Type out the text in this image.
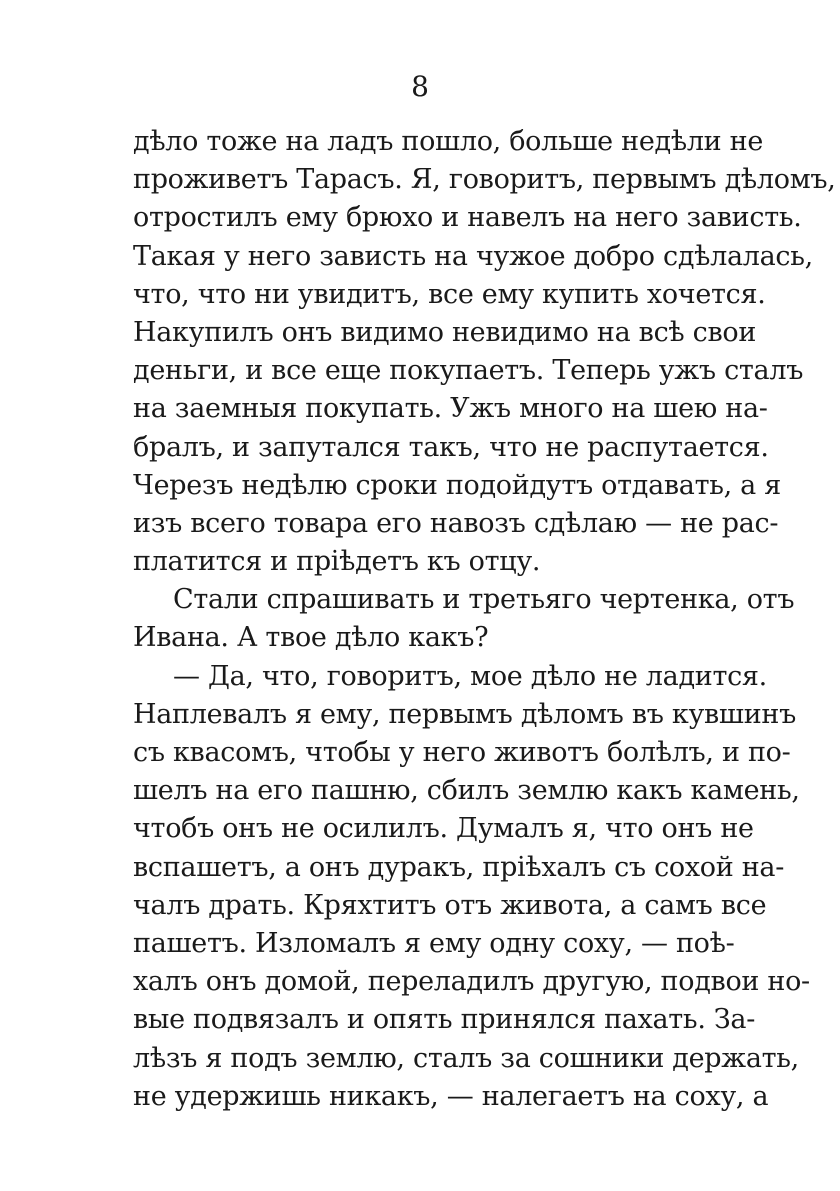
8
дѣло тоже на ладъ пошло, больше недѣли не
проживетъ Тарасъ. Я, говоритъ, первымъ дѣломъ,
отростилъ ему брюхо и навелъ на него зависть.
Такая у него зависть на чужое добро сдѣлалась,
что, что ни увидитъ, все ему купить хочется.
Накупилъ онъ видимо невидимо на всѣ свои
деньги, и все еще покупаетъ. Теперь ужъ сталъ
на заемныя покупать. Ужъ много на шею на-
бралъ, и запутался такъ, что не распутается.
Черезъ недѣлю сроки подойдутъ отдавать, а я
изъ всего товара его навозъ сдѣлаю — не рас-
платится и пріѣдетъ къ отцу.
Стали спрашивать и третьяго чертенка, отъ
Ивана. А твое дѣло какъ?
— Да, что, говоритъ, мое дѣло не ладится.
Наплевалъ я ему, первымъ дѣломъ въ кувшинъ
съ квасомъ, чтобы у него животъ болѣлъ, и по-
шелъ на его пашню, сбилъ землю какъ камень,
чтобъ онъ не осилилъ. Думалъ я, что онъ не
вспашетъ, а онъ дуракъ, пріѣхалъ съ сохой на-
чалъ драть. Кряхтитъ отъ живота, а самъ все
пашетъ. Изломалъ я ему одну соху, — поѣ-
халъ онъ домой, переладилъ другую, подвои но-
вые подвязалъ и опять принялся пахать. За-
лѣзъ я подъ землю, сталъ за сошники держать,
не удержишь никакъ, — налегаетъ на соху, а
